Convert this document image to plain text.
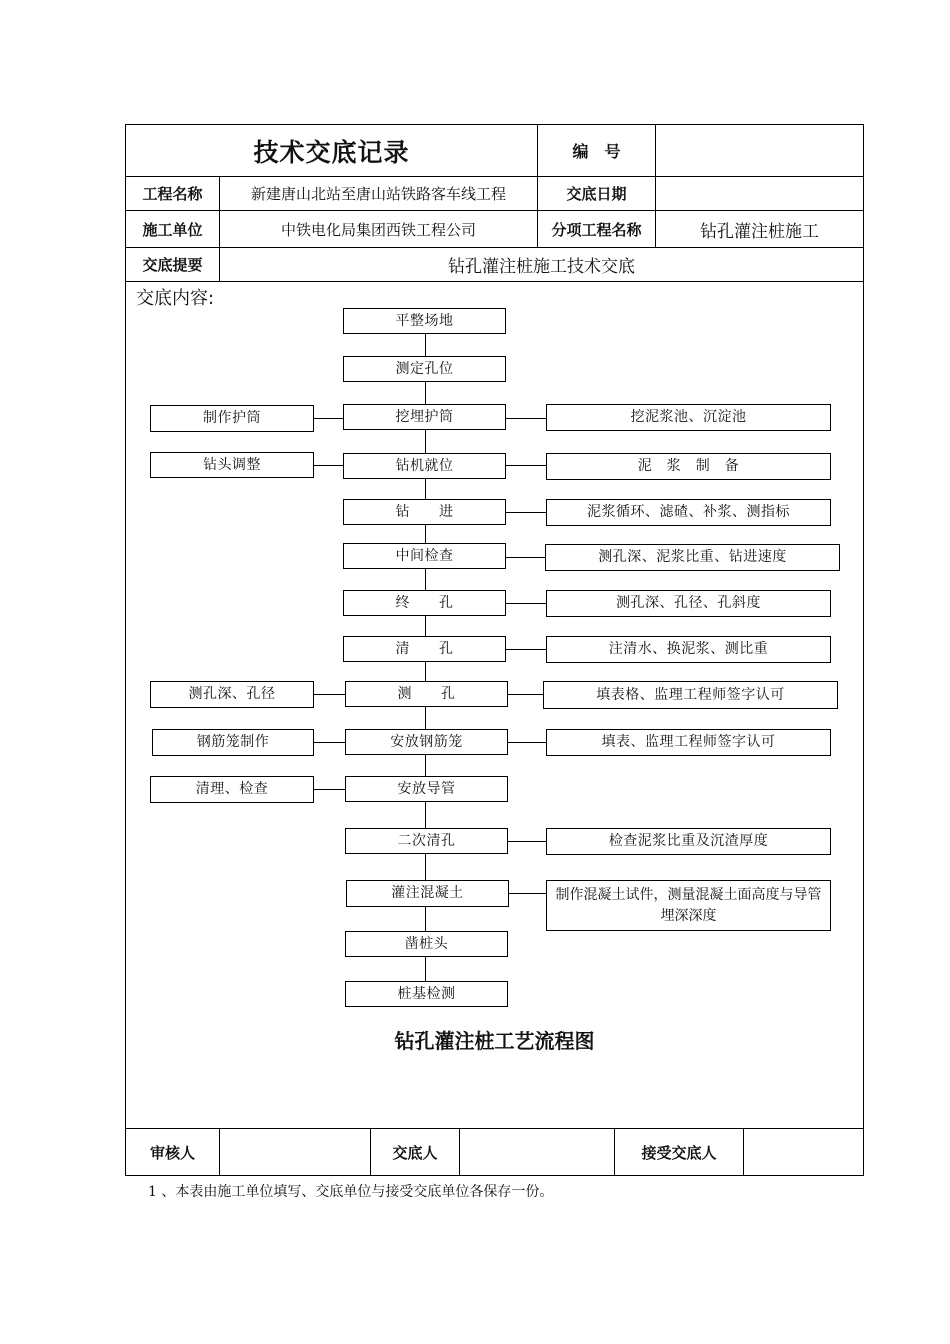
技术交底记录	编　号
工程名称	新建唐山北站至唐山站铁路客车线工程	交底日期
施工单位	中铁电化局集团西铁工程公司	分项工程名称	钻孔灌注桩施工
交底提要	钻孔灌注桩施工技术交底
交底内容:
平整场地
测定孔位
挖埋护筒
钻机就位
钻　　进
中间检查
终　　孔
清　　孔
测　　孔
安放钢筋笼
安放导管
二次清孔
灌注混凝土
凿桩头
桩基检测
制作护筒
钻头调整
测孔深、孔径
钢筋笼制作
清理、检查
挖泥浆池、沉淀池
泥　浆　制　备
泥浆循环、滤碴、补浆、测指标
测孔深、泥浆比重、钻进速度
测孔深、孔径、孔斜度
注清水、换泥浆、测比重
填表格、监理工程师签字认可
填表、监理工程师签字认可
检查泥浆比重及沉渣厚度
制作混凝土试件，测量混凝土面高度与导管埋深深度
钻孔灌注桩工艺流程图
审核人	交底人	接受交底人
1 、本表由施工单位填写、交底单位与接受交底单位各保存一份。
